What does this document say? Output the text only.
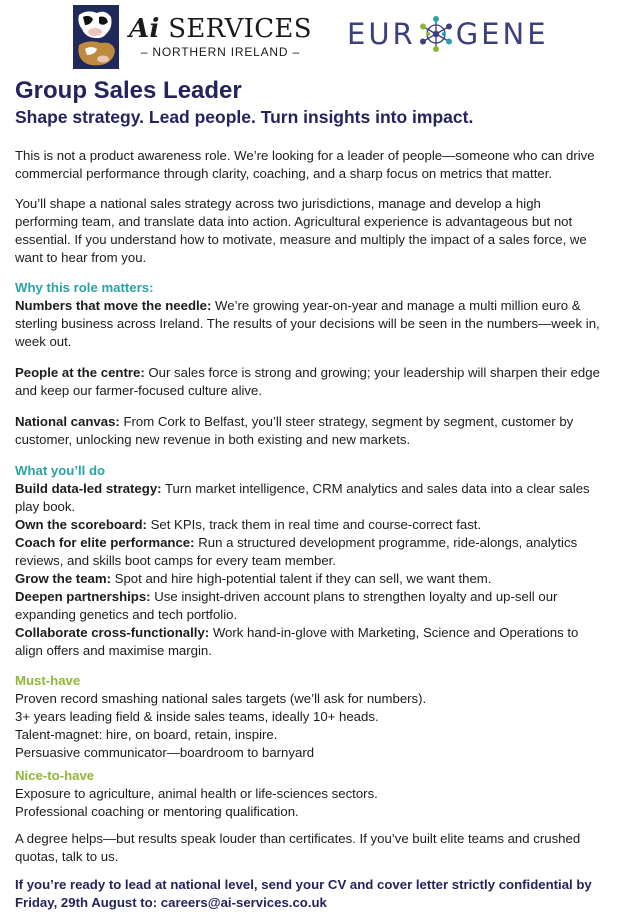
Ai SERVICES
– NORTHERN IRELAND –
EUR GENE
Group Sales Leader
Shape strategy. Lead people. Turn insights into impact.

This is not a product awareness role. We’re looking for a leader of people—someone who can drive commercial performance through clarity, coaching, and a sharp focus on metrics that matter.

You’ll shape a national sales strategy across two jurisdictions, manage and develop a high performing team, and translate data into action. Agricultural experience is advantageous but not essential. If you understand how to motivate, measure and multiply the impact of a sales force, we want to hear from you.

Why this role matters:

Numbers that move the needle: We’re growing year-on-year and manage a multi million euro & sterling business across Ireland. The results of your decisions will be seen in the numbers—week in, week out.

People at the centre: Our sales force is strong and growing; your leadership will sharpen their edge and keep our farmer-focused culture alive.

National canvas: From Cork to Belfast, you’ll steer strategy, segment by segment, customer by customer, unlocking new revenue in both existing and new markets.

What you’ll do

Build data-led strategy: Turn market intelligence, CRM analytics and sales data into a clear sales play book.

Own the scoreboard: Set KPIs, track them in real time and course-correct fast.

Coach for elite performance: Run a structured development programme, ride-alongs, analytics reviews, and skills boot camps for every team member.

Grow the team: Spot and hire high-potential talent if they can sell, we want them.

Deepen partnerships: Use insight-driven account plans to strengthen loyalty and up-sell our expanding genetics and tech portfolio.

Collaborate cross-functionally: Work hand-in-glove with Marketing, Science and Operations to align offers and maximise margin.

Must-have

Proven record smashing national sales targets (we’ll ask for numbers).

3+ years leading field & inside sales teams, ideally 10+ heads.

Talent-magnet: hire, on board, retain, inspire.

Persuasive communicator—boardroom to barnyard

Nice-to-have

Exposure to agriculture, animal health or life-sciences sectors.

Professional coaching or mentoring qualification.

A degree helps—but results speak louder than certificates. If you’ve built elite teams and crushed quotas, talk to us.

If you’re ready to lead at national level, send your CV and cover letter strictly confidential by Friday, 29th August to: careers@ai-services.co.uk
